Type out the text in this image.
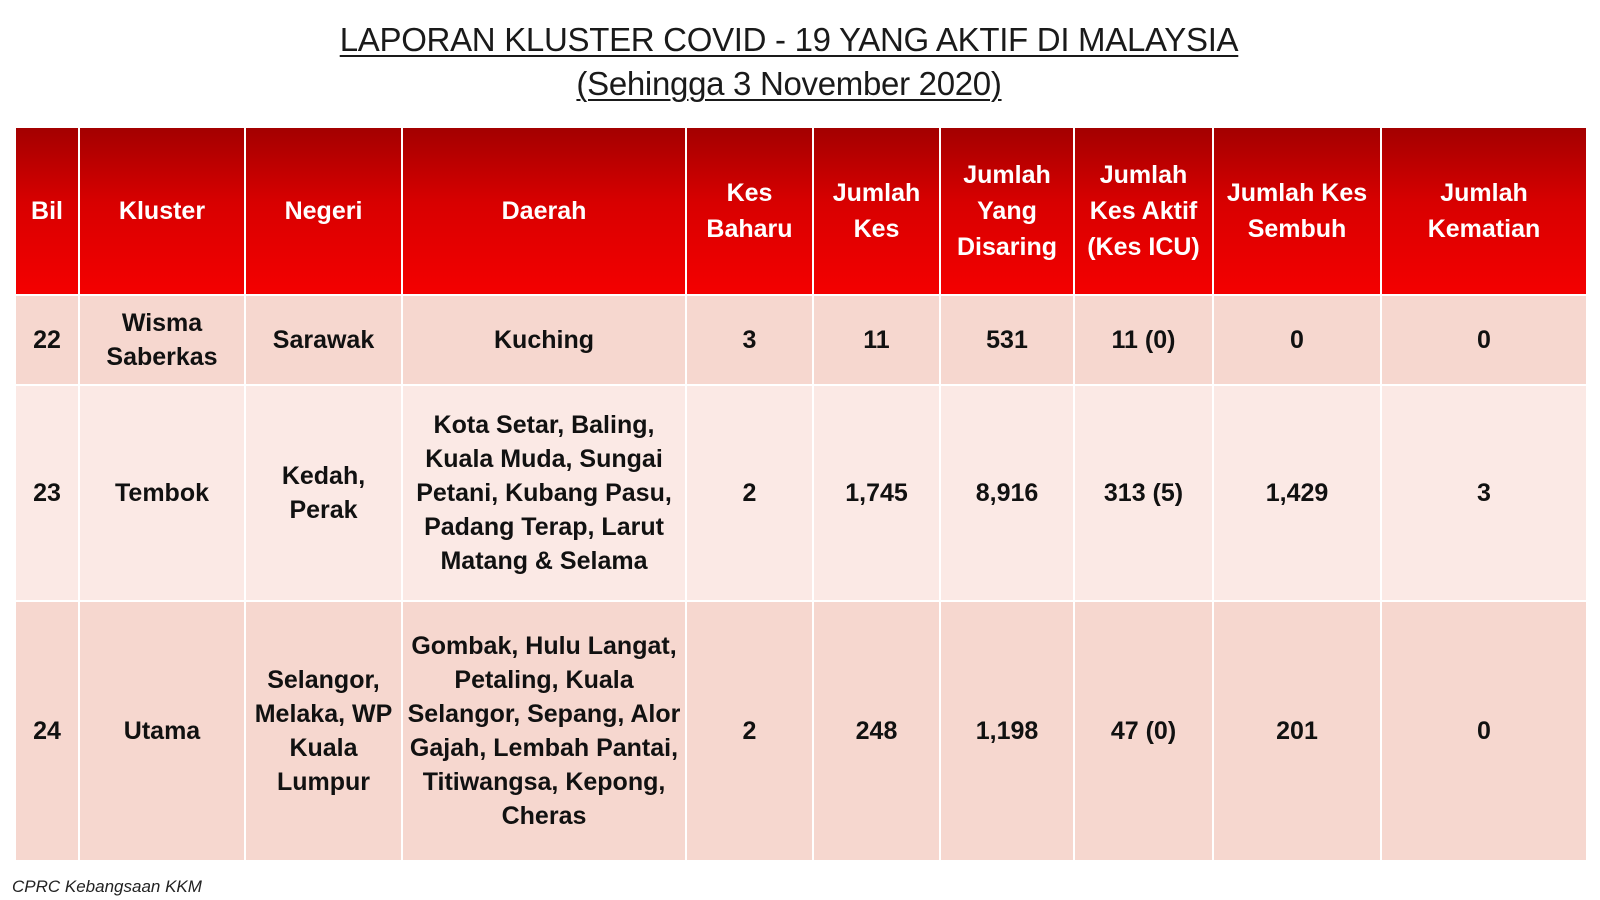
LAPORAN KLUSTER COVID - 19 YANG AKTIF DI MALAYSIA
(Sehingga 3 November 2020)
Bil	Kluster	Negeri	Daerah	Kes Baharu	Jumlah Kes	Jumlah Yang Disaring	Jumlah Kes Aktif (Kes ICU)	Jumlah Kes Sembuh	Jumlah Kematian
22	Wisma Saberkas	Sarawak	Kuching	3	11	531	11 (0)	0	0
23	Tembok	Kedah, Perak	Kota Setar, Baling, Kuala Muda, Sungai Petani, Kubang Pasu, Padang Terap, Larut Matang & Selama	2	1,745	8,916	313 (5)	1,429	3
24	Utama	Selangor, Melaka, WP Kuala Lumpur	Gombak, Hulu Langat, Petaling, Kuala Selangor, Sepang, Alor Gajah, Lembah Pantai, Titiwangsa, Kepong, Cheras	2	248	1,198	47 (0)	201	0
CPRC Kebangsaan KKM
